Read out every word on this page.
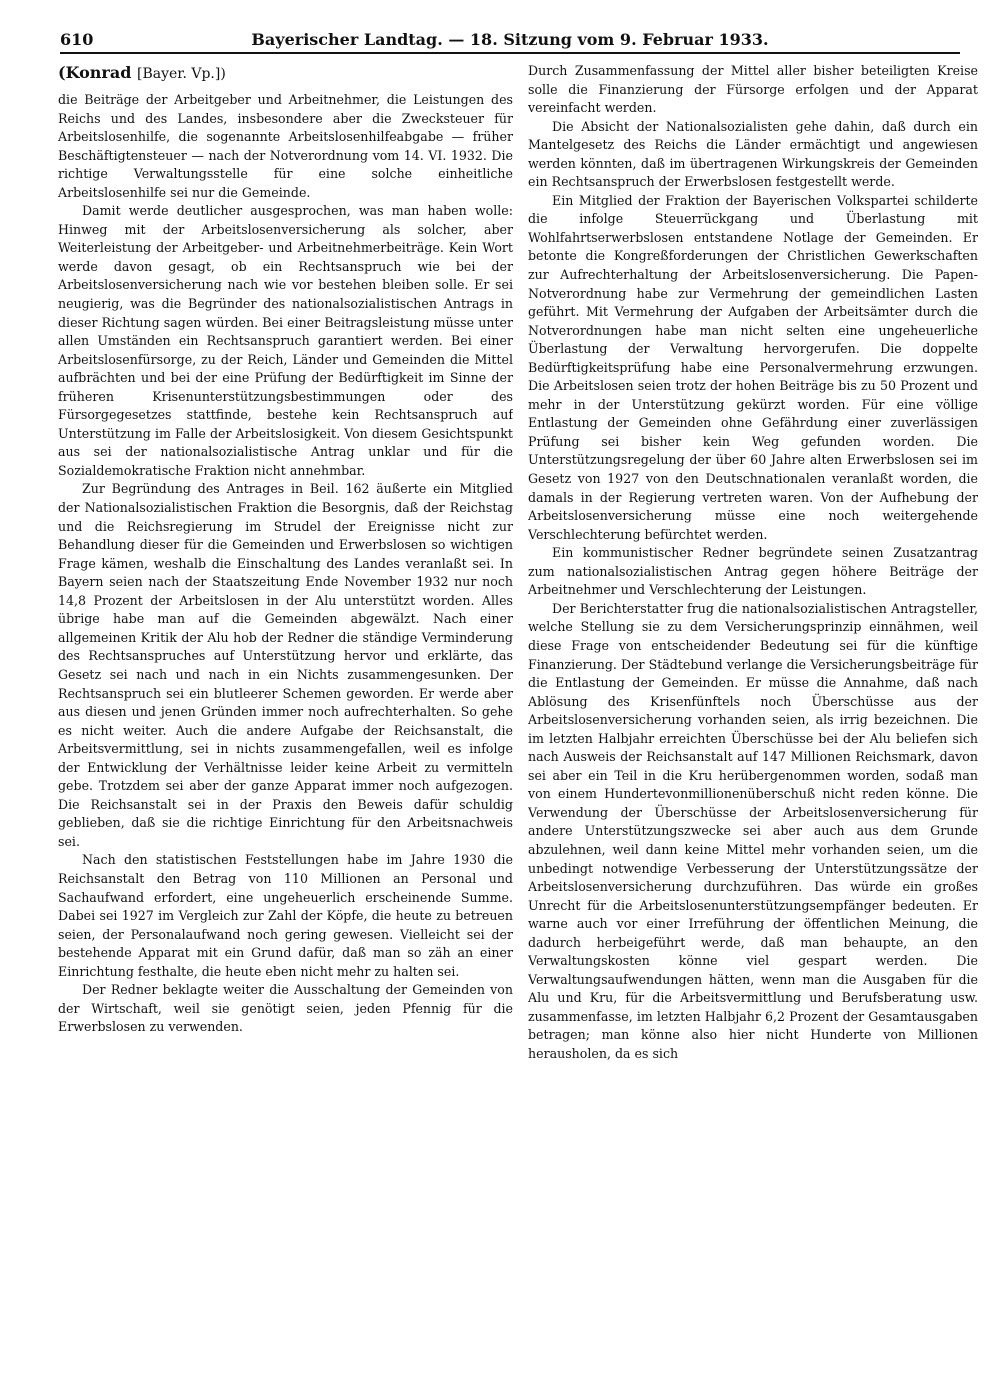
610	Bayerischer Landtag. — 18. Sitzung vom 9. Februar 1933.
(Konrad [Bayer. Vp.])

die Beiträge der Arbeitgeber und Arbeitnehmer, die Leistungen des Reichs und des Landes, insbesondere aber die Zwecksteuer für Arbeitslosenhilfe, die sogenannte Arbeitslosenhilfeabgabe — früher Beschäftigtensteuer — nach der Notverordnung vom 14. VI. 1932. Die richtige Verwaltungsstelle für eine solche einheitliche Arbeitslosenhilfe sei nur die Gemeinde.

Damit werde deutlicher ausgesprochen, was man haben wolle: Hinweg mit der Arbeitslosenversicherung als solcher, aber Weiterleistung der Arbeitgeber- und Arbeitnehmerbeiträge. Kein Wort werde davon gesagt, ob ein Rechtsanspruch wie bei der Arbeitslosenversicherung nach wie vor bestehen bleiben solle. Er sei neugierig, was die Begründer des nationalsozialistischen Antrags in dieser Richtung sagen würden. Bei einer Beitragsleistung müsse unter allen Umständen ein Rechtsanspruch garantiert werden. Bei einer Arbeitslosenfürsorge, zu der Reich, Länder und Gemeinden die Mittel aufbrächten und bei der eine Prüfung der Bedürftigkeit im Sinne der früheren Krisenunterstützungsbestimmungen oder des Fürsorgegesetzes stattfinde, bestehe kein Rechtsanspruch auf Unterstützung im Falle der Arbeitslosigkeit. Von diesem Gesichtspunkt aus sei der nationalsozialistische Antrag unklar und für die Sozialdemokratische Fraktion nicht annehmbar.

Zur Begründung des Antrages in Beil. 162 äußerte ein Mitglied der Nationalsozialistischen Fraktion die Besorgnis, daß der Reichstag und die Reichsregierung im Strudel der Ereignisse nicht zur Behandlung dieser für die Gemeinden und Erwerbslosen so wichtigen Frage kämen, weshalb die Einschaltung des Landes veranlaßt sei. In Bayern seien nach der Staatszeitung Ende November 1932 nur noch 14,8 Prozent der Arbeitslosen in der Alu unterstützt worden. Alles übrige habe man auf die Gemeinden abgewälzt. Nach einer allgemeinen Kritik der Alu hob der Redner die ständige Verminderung des Rechtsanspruches auf Unterstützung hervor und erklärte, das Gesetz sei nach und nach in ein Nichts zusammengesunken. Der Rechtsanspruch sei ein blutleerer Schemen geworden. Er werde aber aus diesen und jenen Gründen immer noch aufrechterhalten. So gehe es nicht weiter. Auch die andere Aufgabe der Reichsanstalt, die Arbeitsvermittlung, sei in nichts zusammengefallen, weil es infolge der Entwicklung der Verhältnisse leider keine Arbeit zu vermitteln gebe. Trotzdem sei aber der ganze Apparat immer noch aufgezogen. Die Reichsanstalt sei in der Praxis den Beweis dafür schuldig geblieben, daß sie die richtige Einrichtung für den Arbeitsnachweis sei.

Nach den statistischen Feststellungen habe im Jahre 1930 die Reichsanstalt den Betrag von 110 Millionen an Personal und Sachaufwand erfordert, eine ungeheuerlich erscheinende Summe. Dabei sei 1927 im Vergleich zur Zahl der Köpfe, die heute zu betreuen seien, der Personalaufwand noch gering gewesen. Vielleicht sei der bestehende Apparat mit ein Grund dafür, daß man so zäh an einer Einrichtung festhalte, die heute eben nicht mehr zu halten sei.

Der Redner beklagte weiter die Ausschaltung der Gemeinden von der Wirtschaft, weil sie genötigt seien, jeden Pfennig für die Erwerbslosen zu verwenden.

Durch Zusammenfassung der Mittel aller bisher beteiligten Kreise solle die Finanzierung der Fürsorge erfolgen und der Apparat vereinfacht werden.

Die Absicht der Nationalsozialisten gehe dahin, daß durch ein Mantelgesetz des Reichs die Länder ermächtigt und angewiesen werden könnten, daß im übertragenen Wirkungskreis der Gemeinden ein Rechtsanspruch der Erwerbslosen festgestellt werde.

Ein Mitglied der Fraktion der Bayerischen Volkspartei schilderte die infolge Steuerrückgang und Überlastung mit Wohlfahrtserwerbslosen entstandene Notlage der Gemeinden. Er betonte die Kongreßforderungen der Christlichen Gewerkschaften zur Aufrechterhaltung der Arbeitslosenversicherung. Die Papen-Notverordnung habe zur Vermehrung der gemeindlichen Lasten geführt. Mit Vermehrung der Aufgaben der Arbeitsämter durch die Notverordnungen habe man nicht selten eine ungeheuerliche Überlastung der Verwaltung hervorgerufen. Die doppelte Bedürftigkeitsprüfung habe eine Personalvermehrung erzwungen. Die Arbeitslosen seien trotz der hohen Beiträge bis zu 50 Prozent und mehr in der Unterstützung gekürzt worden. Für eine völlige Entlastung der Gemeinden ohne Gefährdung einer zuverlässigen Prüfung sei bisher kein Weg gefunden worden. Die Unterstützungsregelung der über 60 Jahre alten Erwerbslosen sei im Gesetz von 1927 von den Deutschnationalen veranlaßt worden, die damals in der Regierung vertreten waren. Von der Aufhebung der Arbeitslosenversicherung müsse eine noch weitergehende Verschlechterung befürchtet werden.

Ein kommunistischer Redner begründete seinen Zusatzantrag zum nationalsozialistischen Antrag gegen höhere Beiträge der Arbeitnehmer und Verschlechterung der Leistungen.

Der Berichterstatter frug die nationalsozialistischen Antragsteller, welche Stellung sie zu dem Versicherungsprinzip einnähmen, weil diese Frage von entscheidender Bedeutung sei für die künftige Finanzierung. Der Städtebund verlange die Versicherungsbeiträge für die Entlastung der Gemeinden. Er müsse die Annahme, daß nach Ablösung des Krisenfünftels noch Überschüsse aus der Arbeitslosenversicherung vorhanden seien, als irrig bezeichnen. Die im letzten Halbjahr erreichten Überschüsse bei der Alu beliefen sich nach Ausweis der Reichsanstalt auf 147 Millionen Reichsmark, davon sei aber ein Teil in die Kru herübergenommen worden, sodaß man von einem Hundertevonmillionenüberschuß nicht reden könne. Die Verwendung der Überschüsse der Arbeitslosenversicherung für andere Unterstützungszwecke sei aber auch aus dem Grunde abzulehnen, weil dann keine Mittel mehr vorhanden seien, um die unbedingt notwendige Verbesserung der Unterstützungssätze der Arbeitslosenversicherung durchzuführen. Das würde ein großes Unrecht für die Arbeitslosenunterstützungsempfänger bedeuten. Er warne auch vor einer Irreführung der öffentlichen Meinung, die dadurch herbeigeführt werde, daß man behaupte, an den Verwaltungskosten könne viel gespart werden. Die Verwaltungsaufwendungen hätten, wenn man die Ausgaben für die Alu und Kru, für die Arbeitsvermittlung und Berufsberatung usw. zusammenfasse, im letzten Halbjahr 6,2 Prozent der Gesamtausgaben betragen; man könne also hier nicht Hunderte von Millionen herausholen, da es sich
